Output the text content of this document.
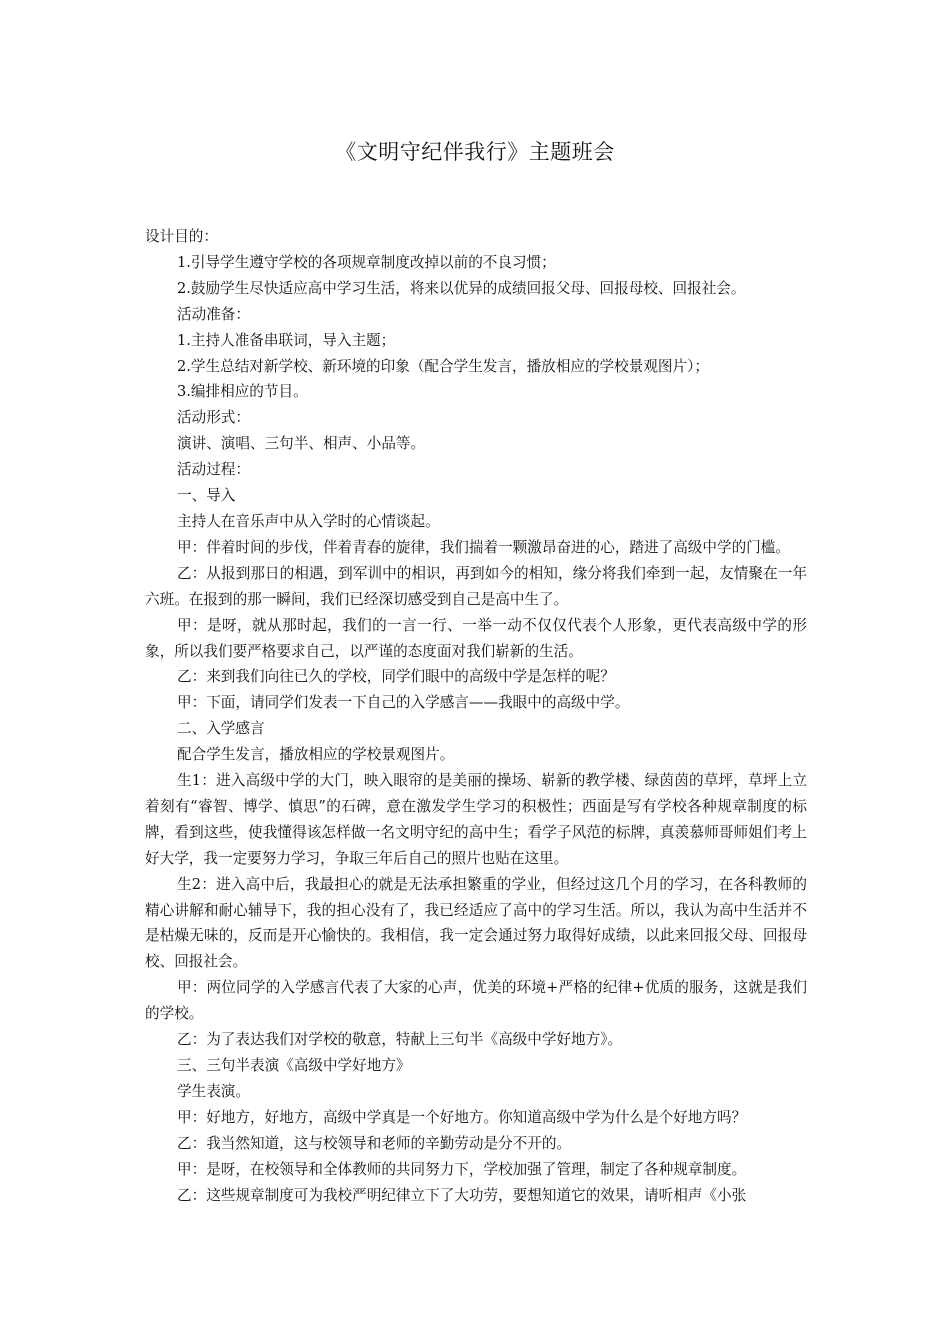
《文明守纪伴我行》主题班会

设计目的：

1.引导学生遵守学校的各项规章制度改掉以前的不良习惯；

2.鼓励学生尽快适应高中学习生活，将来以优异的成绩回报父母、回报母校、回报社会。

活动准备：

1.主持人准备串联词，导入主题；

2.学生总结对新学校、新环境的印象（配合学生发言，播放相应的学校景观图片）；

3.编排相应的节目。

活动形式：

演讲、演唱、三句半、相声、小品等。

活动过程：

一、导入

主持人在音乐声中从入学时的心情谈起。

甲：伴着时间的步伐，伴着青春的旋律，我们揣着一颗激昂奋进的心，踏进了高级中学的门槛。

乙：从报到那日的相遇，到军训中的相识，再到如今的相知，缘分将我们牵到一起，友情聚在一年六班。在报到的那一瞬间，我们已经深切感受到自己是高中生了。

甲：是呀，就从那时起，我们的一言一行、一举一动不仅仅代表个人形象，更代表高级中学的形象，所以我们要严格要求自己，以严谨的态度面对我们崭新的生活。

乙：来到我们向往已久的学校，同学们眼中的高级中学是怎样的呢？

甲：下面，请同学们发表一下自己的入学感言——我眼中的高级中学。

二、入学感言

配合学生发言，播放相应的学校景观图片。

生1：进入高级中学的大门，映入眼帘的是美丽的操场、崭新的教学楼、绿茵茵的草坪，草坪上立着刻有“睿智、博学、慎思”的石碑，意在激发学生学习的积极性；西面是写有学校各种规章制度的标牌，看到这些，使我懂得该怎样做一名文明守纪的高中生；看学子风范的标牌，真羡慕师哥师姐们考上好大学，我一定要努力学习，争取三年后自己的照片也贴在这里。

生2：进入高中后，我最担心的就是无法承担繁重的学业，但经过这几个月的学习，在各科教师的精心讲解和耐心辅导下，我的担心没有了，我已经适应了高中的学习生活。所以，我认为高中生活并不是枯燥无味的，反而是开心愉快的。我相信，我一定会通过努力取得好成绩，以此来回报父母、回报母校、回报社会。

甲：两位同学的入学感言代表了大家的心声，优美的环境+严格的纪律+优质的服务，这就是我们的学校。

乙：为了表达我们对学校的敬意，特献上三句半《高级中学好地方》。

三、三句半表演《高级中学好地方》

学生表演。

甲：好地方，好地方，高级中学真是一个好地方。你知道高级中学为什么是个好地方吗？

乙：我当然知道，这与校领导和老师的辛勤劳动是分不开的。

甲：是呀，在校领导和全体教师的共同努力下，学校加强了管理，制定了各种规章制度。

乙：这些规章制度可为我校严明纪律立下了大功劳，要想知道它的效果，请听相声《小张
